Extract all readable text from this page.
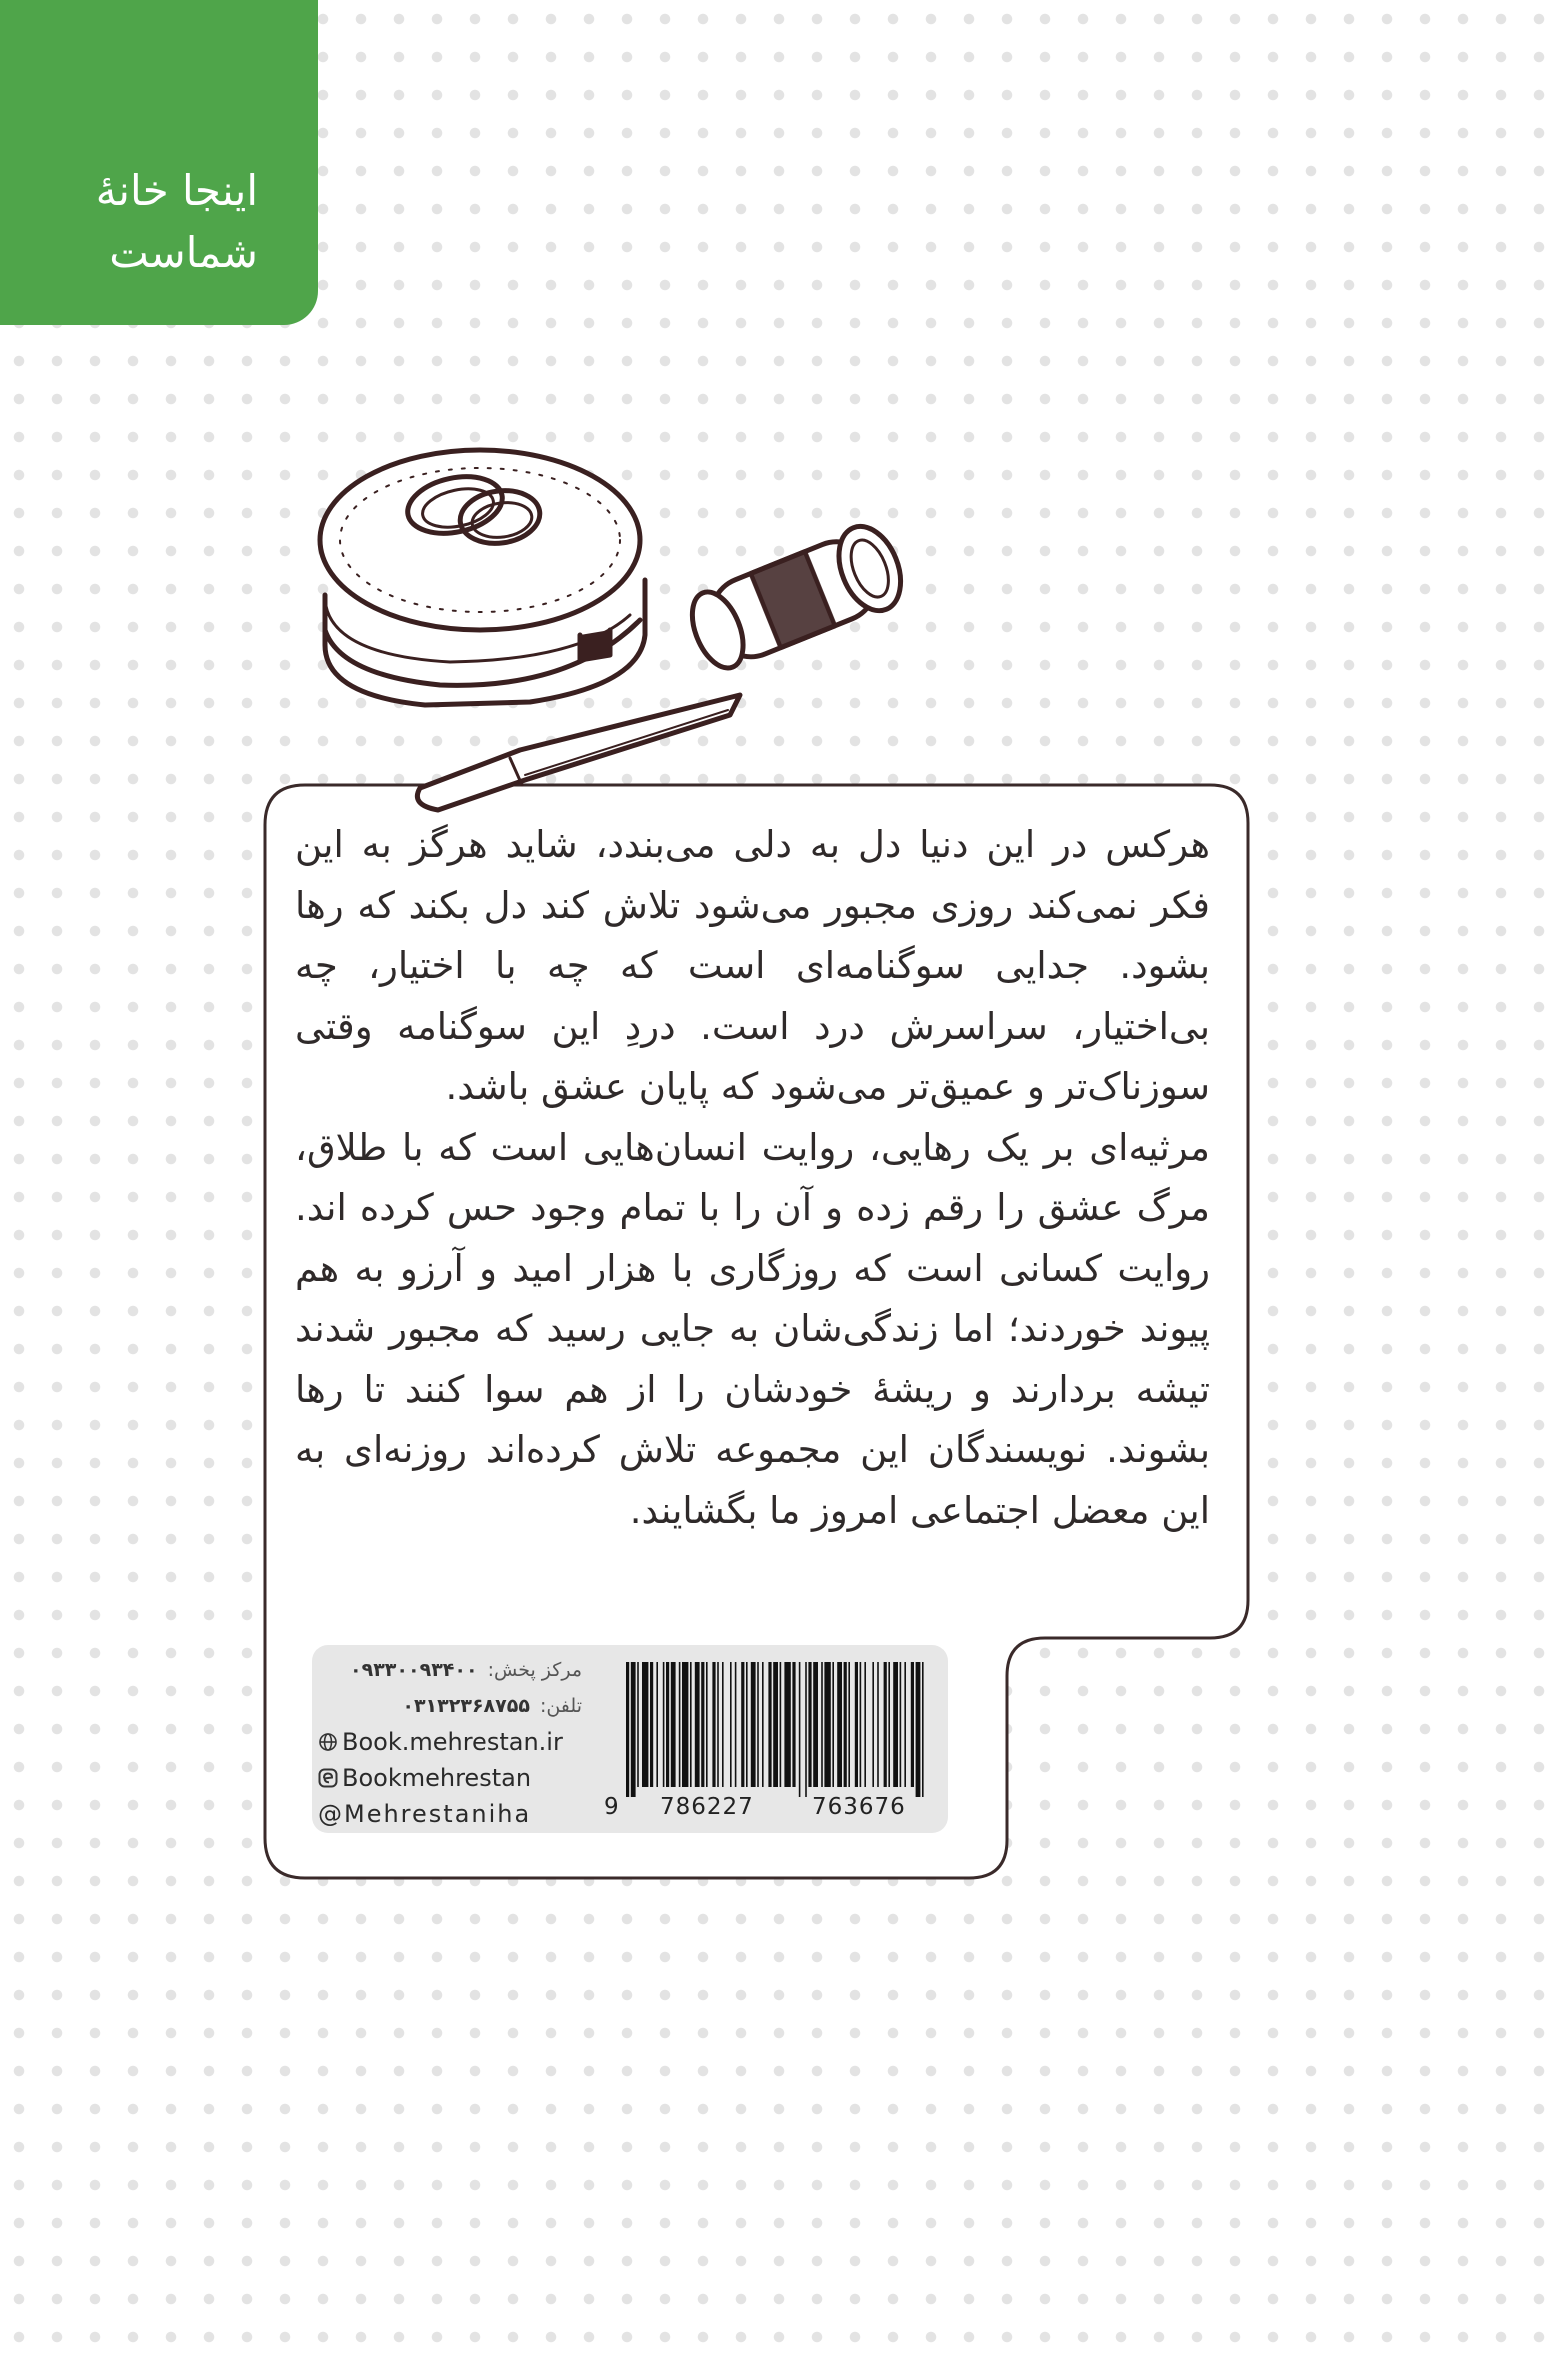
اینجا خانهٔ
شماست

هرکس در این دنیا دل به دلی می‌بندد، شاید هرگز به این فکر نمی‌کند روزی مجبور می‌شود تلاش کند دل بکند که رها بشود. جدایی سوگنامه‌ای است که چه با اختیار، چه بی‌اختیار، سراسرش درد است. دردِ این سوگنامه وقتی سوزناک‌تر و عمیق‌تر می‌شود که پایان عشق باشد.

مرثیه‌ای بر یک رهایی، روایت انسان‌هایی است که با طلاق، مرگ عشق را رقم زده و آن را با تمام وجود حس کرده اند. روایت کسانی است که روزگاری با هزار امید و آرزو به هم پیوند خوردند؛ اما زندگی‌شان به جایی رسید که مجبور شدند تیشه بردارند و ریشهٔ خودشان را از هم سوا کنند تا رها بشوند. نویسندگان این مجموعه تلاش کرده‌اند روزنه‌ای به این معضل اجتماعی امروز ما بگشایند.

مرکز پخش:
۰۹۳۳۰۰۹۳۴۰۰
تلفن:
۰۳۱۳۲۳۶۸۷۵۵
Book.mehrestan.ir
Bookmehrestan
@Mehrestaniha	9 786227	763676
